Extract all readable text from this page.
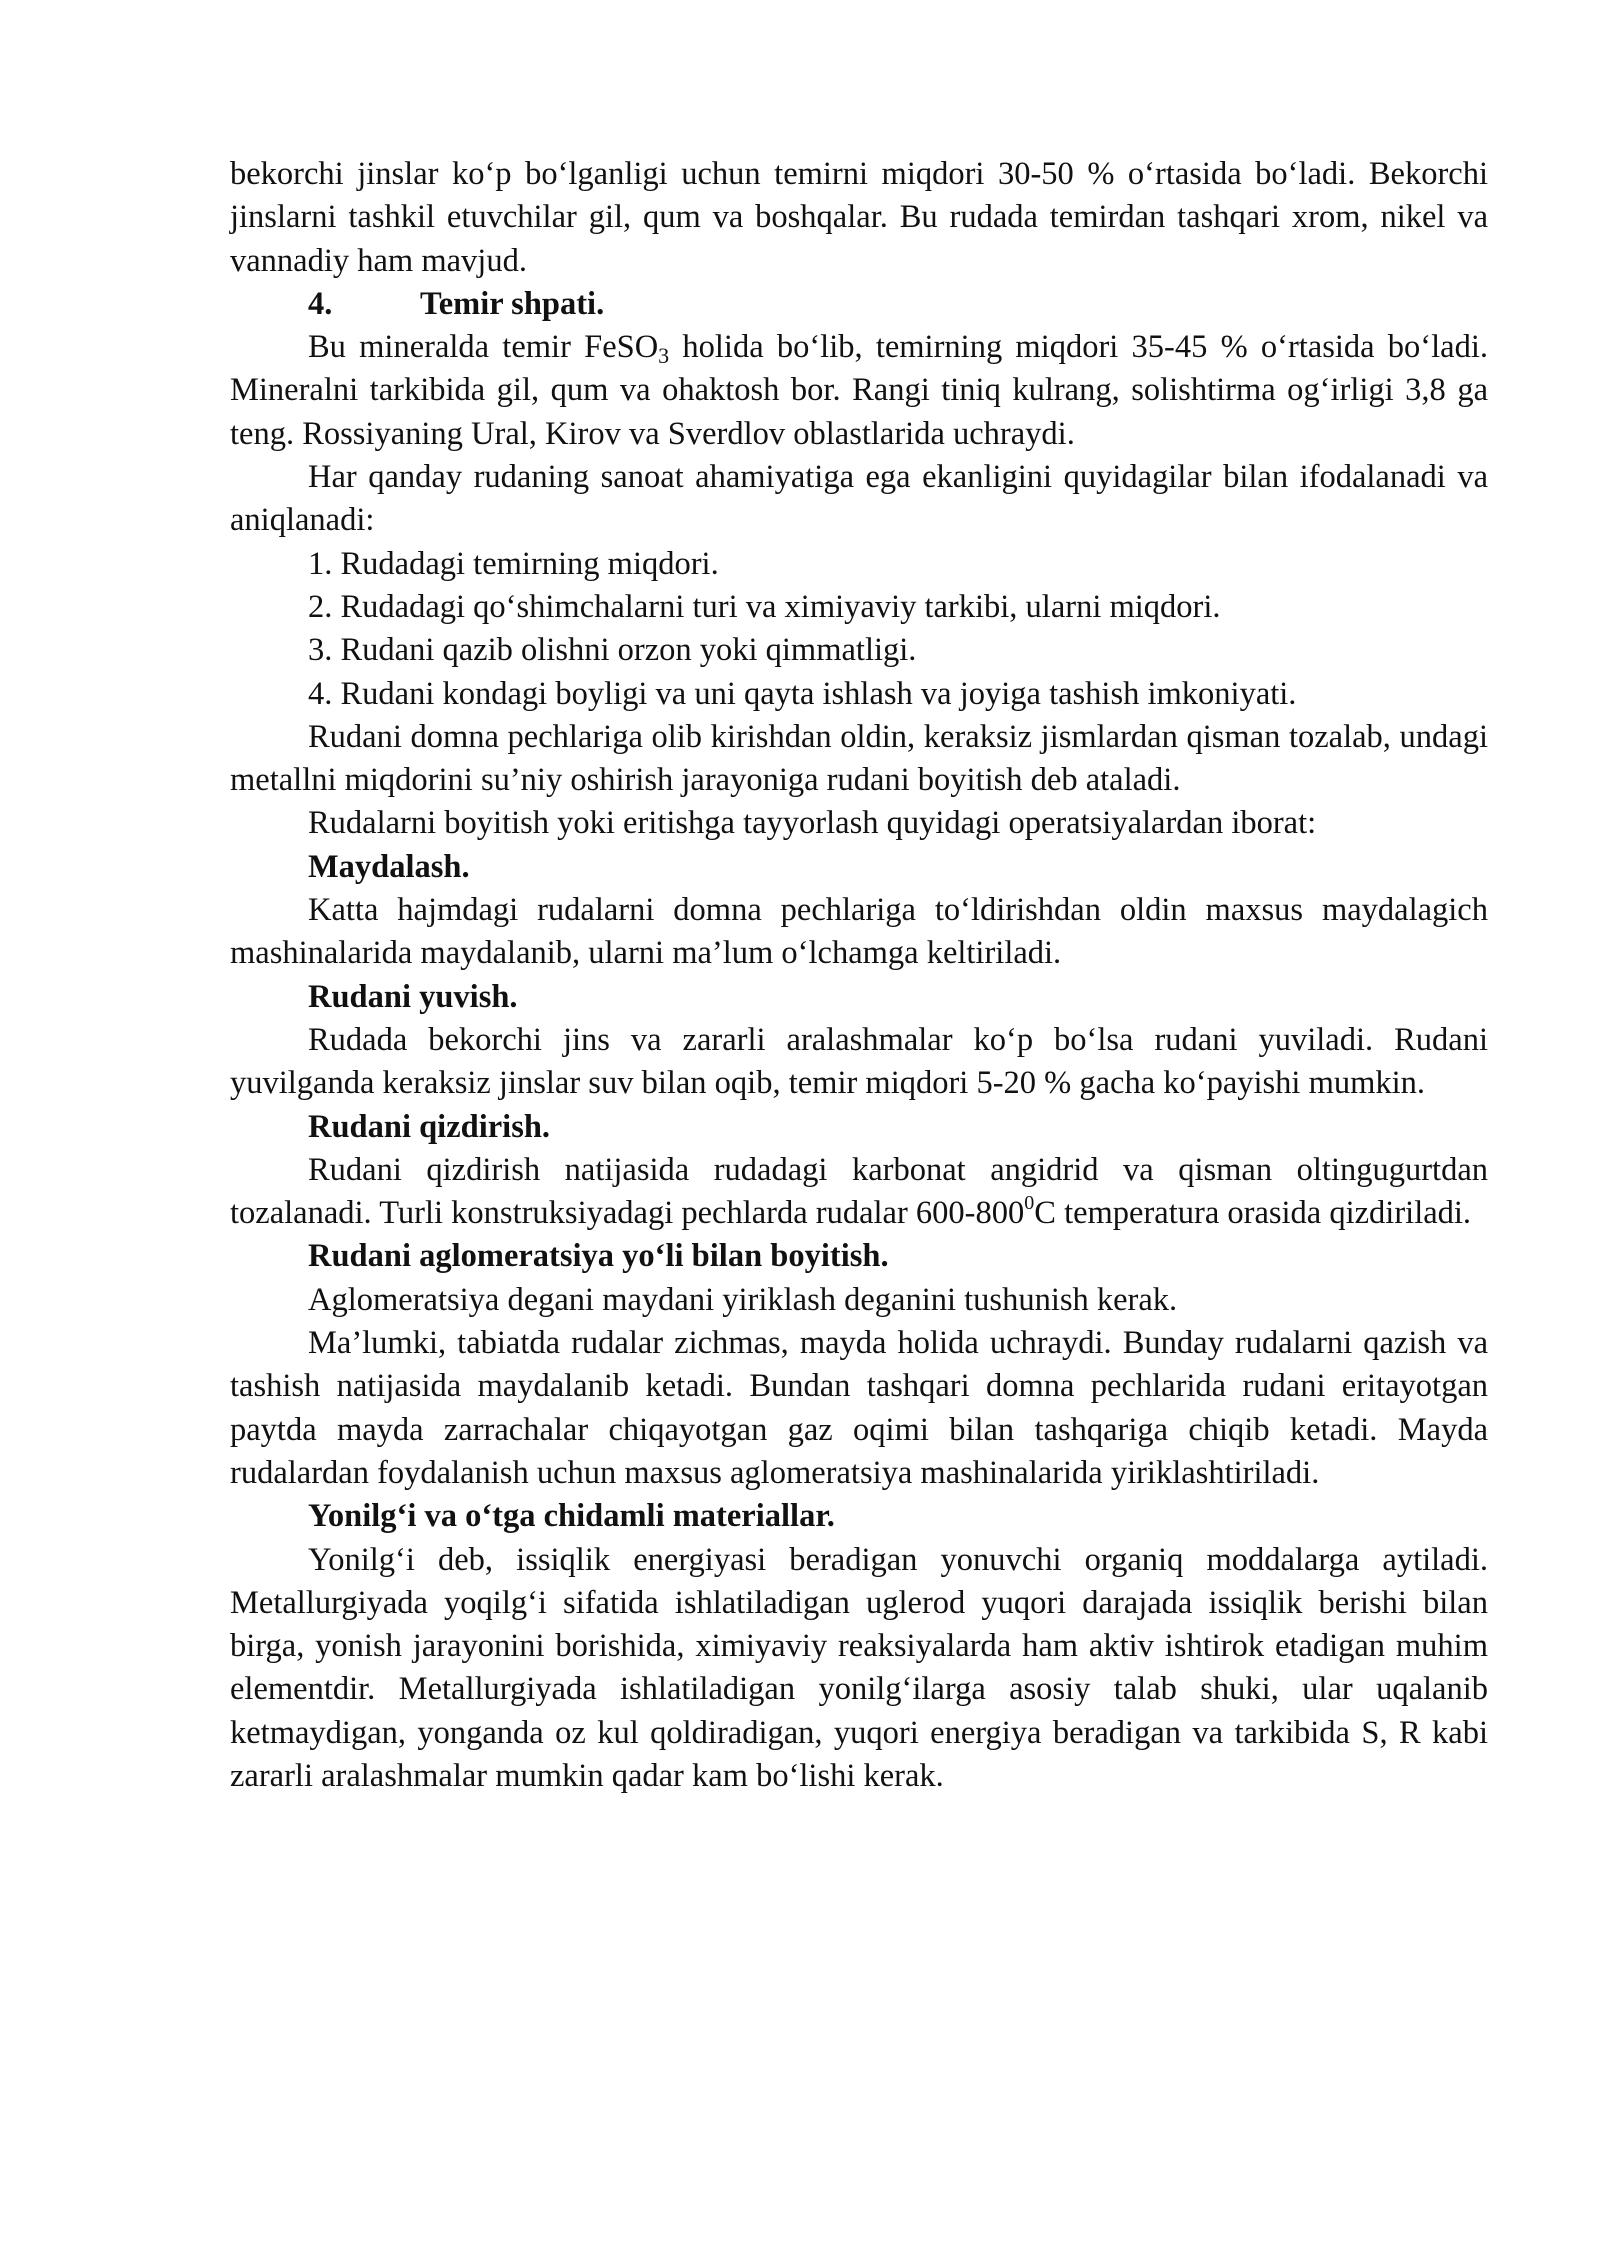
bekorchi jinslar ko‘p bo‘lganligi uchun temirni miqdori 30-50 % o‘rtasida bo‘ladi. Bekorchi jinslarni tashkil etuvchilar gil, qum va boshqalar. Bu rudada temirdan tashqari xrom, nikel va vannadiy ham mavjud.

4.	Temir shpati.

Bu mineralda temir FeSO$_3$ holida bo‘lib, temirning miqdori 35-45 % o‘rtasida bo‘ladi. Mineralni tarkibida gil, qum va ohaktosh bor. Rangi tiniq kulrang, solishtirma og‘irligi 3,8 ga teng. Rossiyaning Ural, Kirov va Sverdlov oblastlarida uchraydi.

Har qanday rudaning sanoat ahamiyatiga ega ekanligini quyidagilar bilan ifodalanadi va aniqlanadi:

1. Rudadagi temirning miqdori.

2. Rudadagi qo‘shimchalarni turi va ximiyaviy tarkibi, ularni miqdori.

3. Rudani qazib olishni orzon yoki qimmatligi.

4. Rudani kondagi boyligi va uni qayta ishlash va joyiga tashish imkoniyati.

Rudani domna pechlariga olib kirishdan oldin, keraksiz jismlardan qisman tozalab, undagi metallni miqdorini su’niy oshirish jarayoniga rudani boyitish deb ataladi.

Rudalarni boyitish yoki eritishga tayyorlash quyidagi operatsiyalardan iborat:

Maydalash.

Katta hajmdagi rudalarni domna pechlariga to‘ldirishdan oldin maxsus maydalagich mashinalarida maydalanib, ularni ma’lum o‘lchamga keltiriladi.

Rudani yuvish.

Rudada bekorchi jins va zararli aralashmalar ko‘p bo‘lsa rudani yuviladi. Rudani yuvilganda keraksiz jinslar suv bilan oqib, temir miqdori 5-20 % gacha ko‘payishi mumkin.

Rudani qizdirish.

Rudani qizdirish natijasida rudadagi karbonat angidrid va qisman oltingugurtdan tozalanadi. Turli konstruksiyadagi pechlarda rudalar $600-800^0C$ temperatura orasida qizdiriladi.

Rudani aglomeratsiya yo‘li bilan boyitish.

Aglomeratsiya degani maydani yiriklash deganini tushunish kerak.

Ma’lumki, tabiatda rudalar zichmas, mayda holida uchraydi. Bunday rudalarni qazish va tashish natijasida maydalanib ketadi. Bundan tashqari domna pechlarida rudani eritayotgan paytda mayda zarrachalar chiqayotgan gaz oqimi bilan tashqariga chiqib ketadi. Mayda rudalardan foydalanish uchun maxsus aglomeratsiya mashinalarida yiriklashtiriladi.

Yonilg‘i va o‘tga chidamli materiallar.

Yonilg‘i deb, issiqlik energiyasi beradigan yonuvchi organiq moddalarga aytiladi. Metallurgiyada yoqilg‘i sifatida ishlatiladigan uglerod yuqori darajada issiqlik berishi bilan birga, yonish jarayonini borishida, ximiyaviy reaksiyalarda ham aktiv ishtirok etadigan muhim elementdir. Metallurgiyada ishlatiladigan yonilg‘ilarga asosiy talab shuki, ular uqalanib ketmaydigan, yonganda oz kul qoldiradigan, yuqori energiya beradigan va tarkibida S, R kabi zararli aralashmalar mumkin qadar kam bo‘lishi kerak.
